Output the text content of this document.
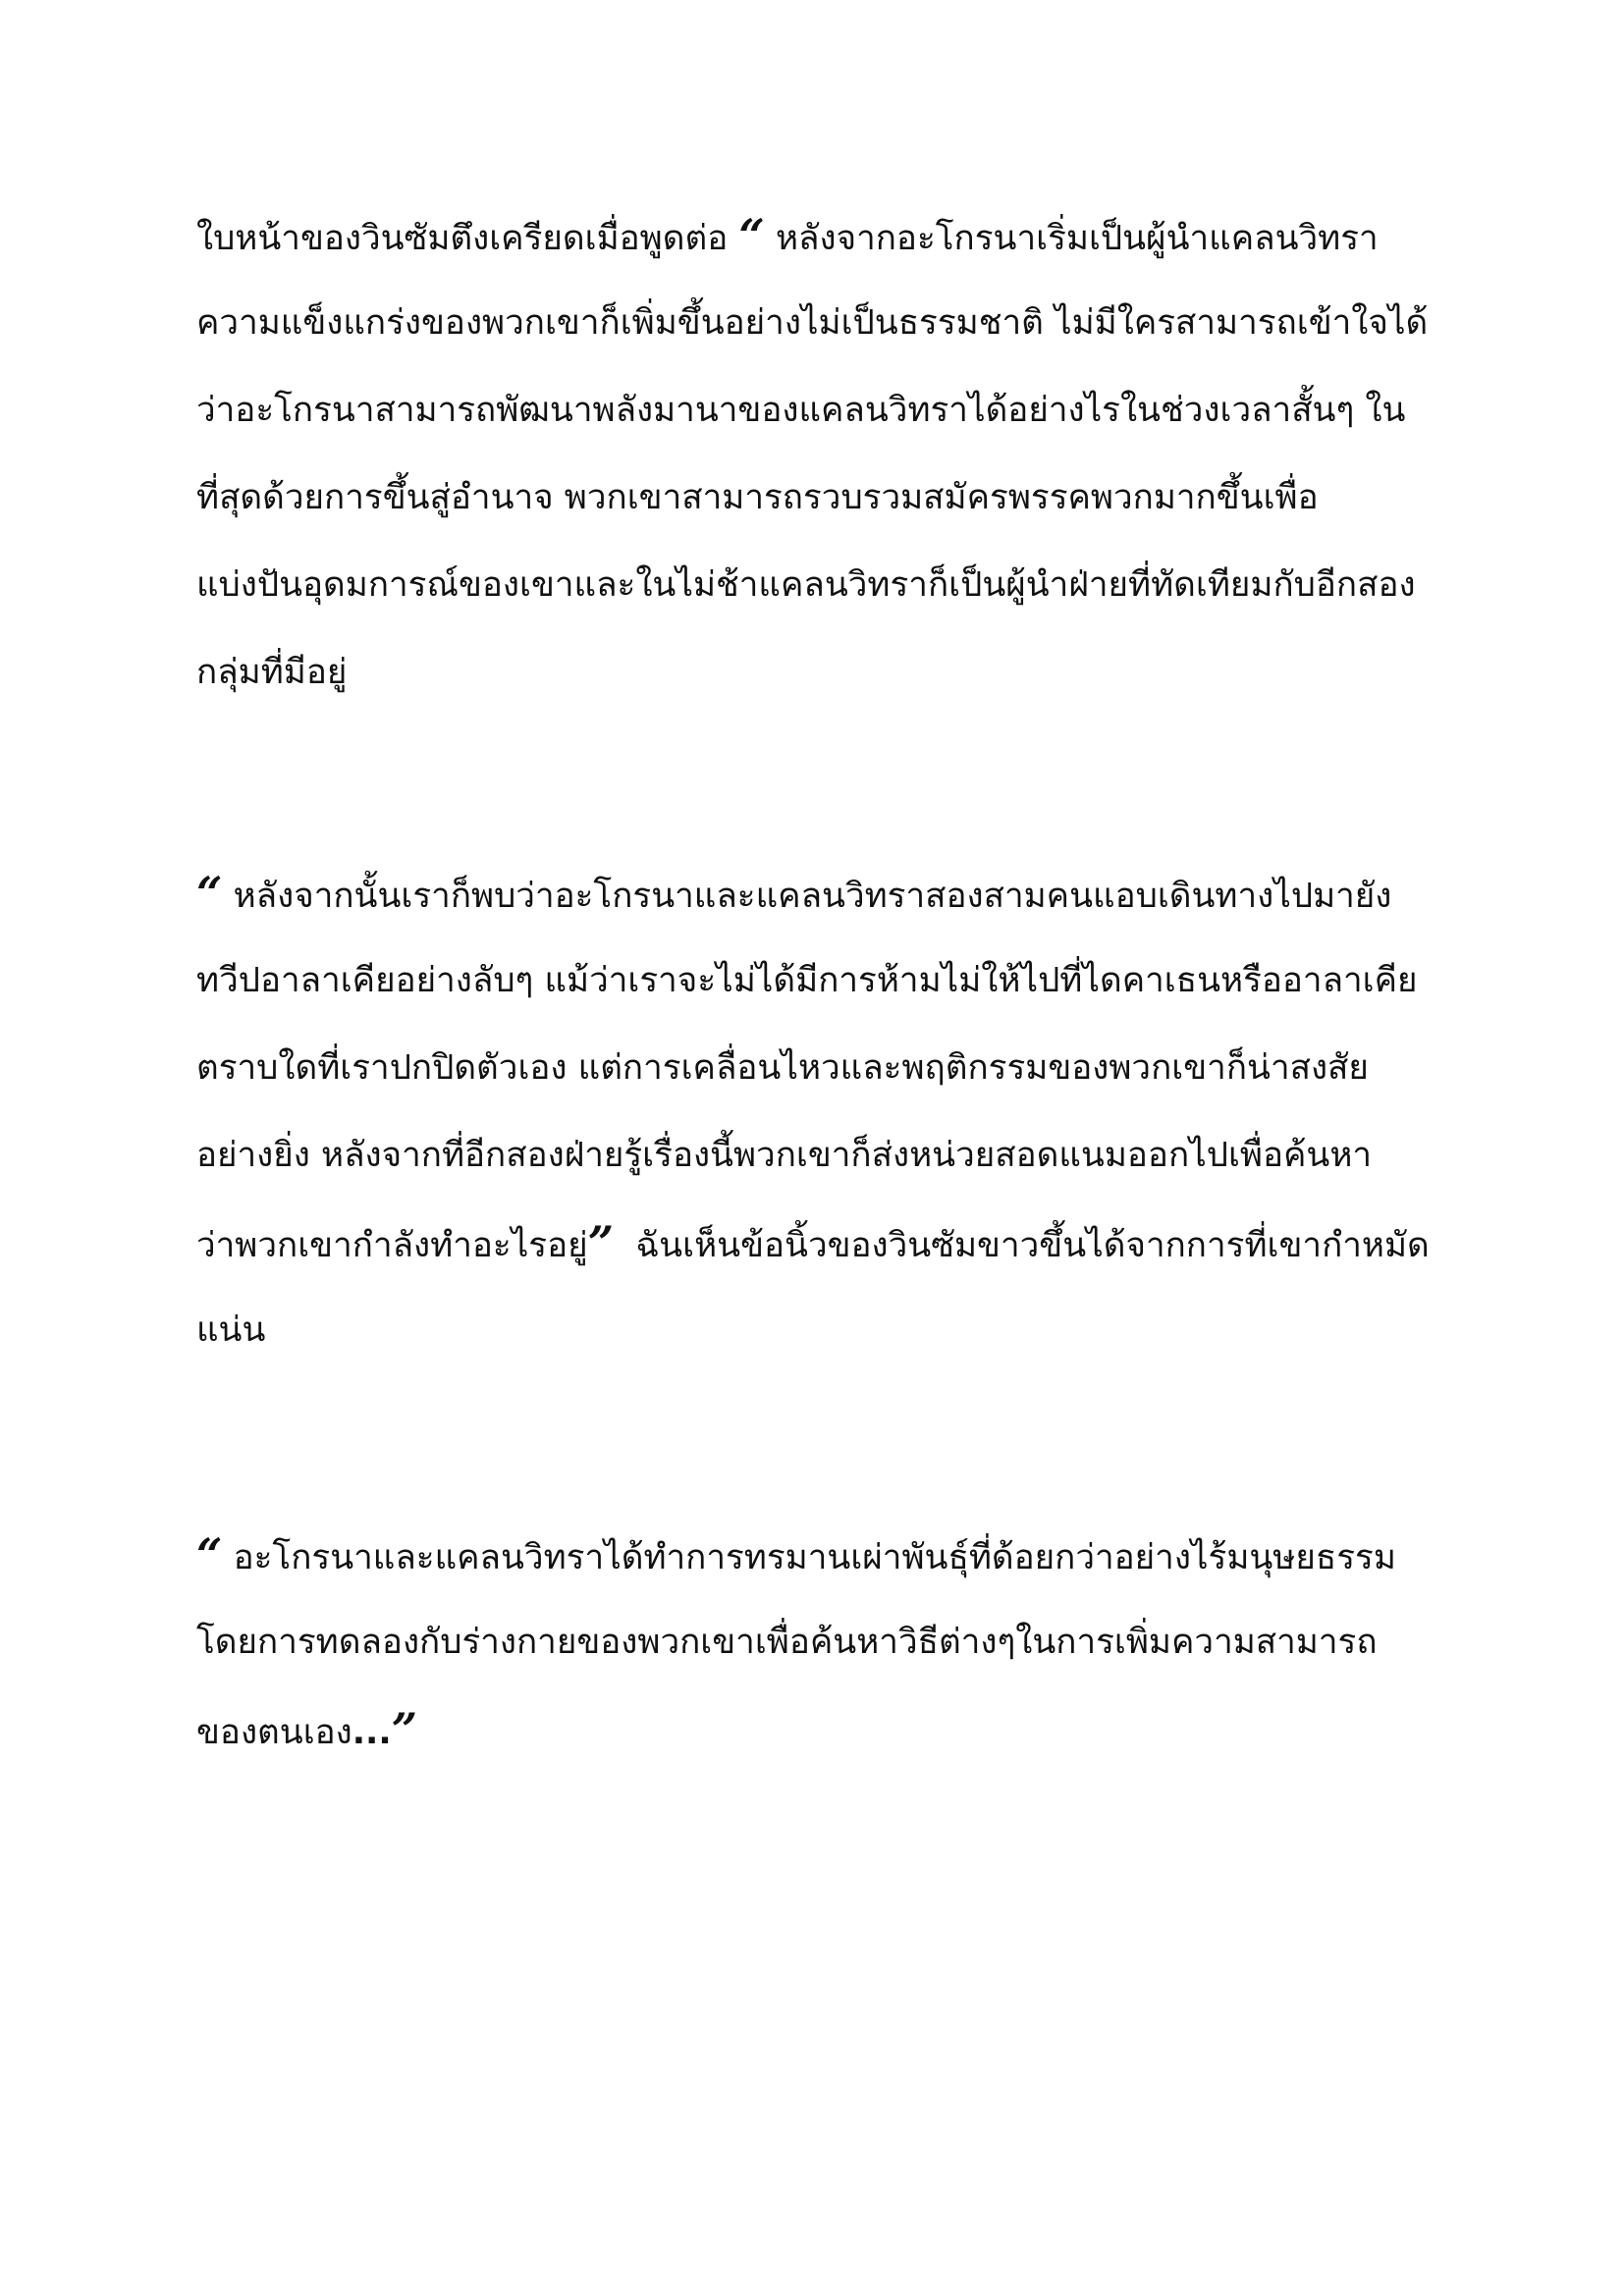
ใบหน้าของวินซัมตึงเครียดเมื่อพูดต่อ “ หลังจากอะโกรนาเริ่มเป็นผู้นำแคลนวิทรา
ความแข็งแกร่งของพวกเขาก็เพิ่มขึ้นอย่างไม่เป็นธรรมชาติ ไม่มีใครสามารถเข้าใจได้
ว่าอะโกรนาสามารถพัฒนาพลังมานาของแคลนวิทราได้อย่างไรในช่วงเวลาสั้นๆ ใน
ที่สุดด้วยการขึ้นสู่อำนาจ พวกเขาสามารถรวบรวมสมัครพรรคพวกมากขึ้นเพื่อ
แบ่งปันอุดมการณ์ของเขาและในไม่ช้าแคลนวิทราก็เป็นผู้นำฝ่ายที่ทัดเทียมกับอีกสอง
กลุ่มที่มีอยู่
“ หลังจากนั้นเราก็พบว่าอะโกรนาและแคลนวิทราสองสามคนแอบเดินทางไปมายัง
ทวีปอาลาเคียอย่างลับๆ แม้ว่าเราจะไม่ได้มีการห้ามไม่ให้ไปที่ไดคาเธนหรืออาลาเคีย
ตราบใดที่เราปกปิดตัวเอง แต่การเคลื่อนไหวและพฤติกรรมของพวกเขาก็น่าสงสัย
อย่างยิ่ง หลังจากที่อีกสองฝ่ายรู้เรื่องนี้พวกเขาก็ส่งหน่วยสอดแนมออกไปเพื่อค้นหา
ว่าพวกเขากำลังทำอะไรอยู่”  ฉันเห็นข้อนิ้วของวินซัมขาวขึ้นได้จากการที่เขากำหมัด
แน่น
“ อะโกรนาและแคลนวิทราได้ทำการทรมานเผ่าพันธุ์ที่ด้อยกว่าอย่างไร้มนุษยธรรม
โดยการทดลองกับร่างกายของพวกเขาเพื่อค้นหาวิธีต่างๆในการเพิ่มความสามารถ
ของตนเอง...”
